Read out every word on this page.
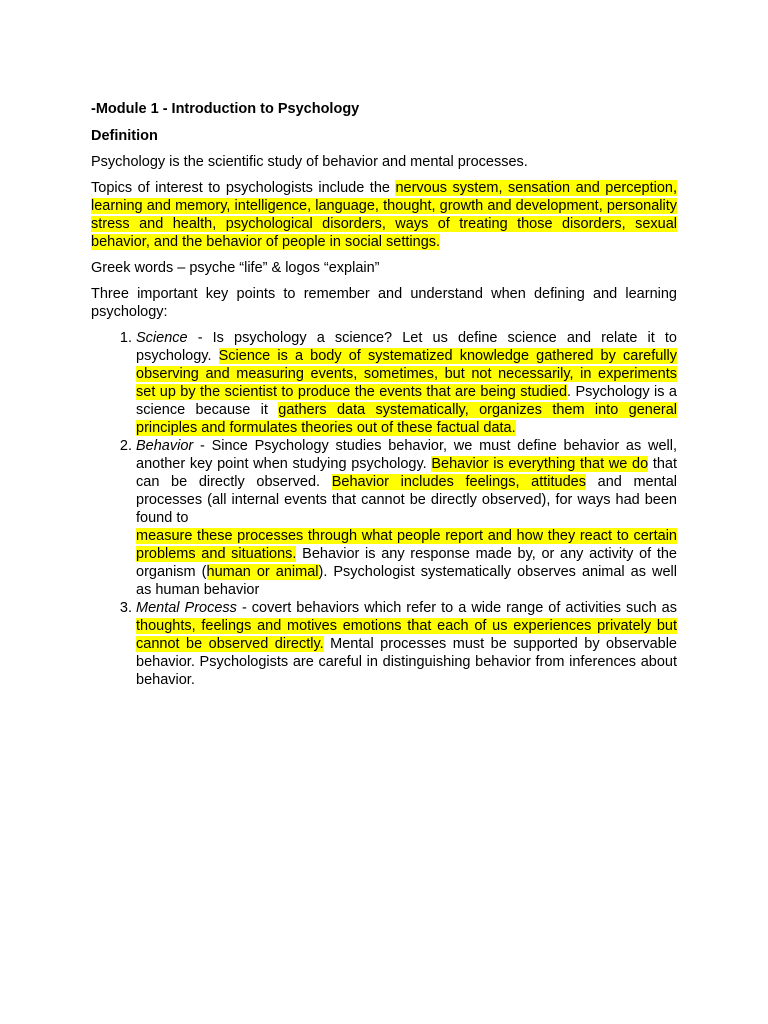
-Module 1 - Introduction to Psychology
Definition

Psychology is the scientific study of behavior and mental processes.

Topics of interest to psychologists include the nervous system, sensation and perception, learning and memory, intelligence, language, thought, growth and development, personality stress and health, psychological disorders, ways of treating those disorders, sexual behavior, and the behavior of people in social settings.

Greek words – psyche “life” & logos “explain”

Three important key points to remember and understand when defining and learning psychology:

1. Science - Is psychology a science? Let us define science and relate it to psychology. Science is a body of systematized knowledge gathered by carefully observing and measuring events, sometimes, but not necessarily, in experiments set up by the scientist to produce the events that are being studied. Psychology is a science because it gathers data systematically, organizes them into general principles and formulates theories out of these factual data.
2. Behavior - Since Psychology studies behavior, we must define behavior as well, another key point when studying psychology. Behavior is everything that we do that can be directly observed. Behavior includes feelings, attitudes and mental processes (all internal events that cannot be directly observed), for ways had been found to
measure these processes through what people report and how they react to certain problems and situations. Behavior is any response made by, or any activity of the organism (human or animal). Psychologist systematically observes animal as well as human behavior
3. Mental Process - covert behaviors which refer to a wide range of activities such as thoughts, feelings and motives emotions that each of us experiences privately but cannot be observed directly. Mental processes must be supported by observable behavior. Psychologists are careful in distinguishing behavior from inferences about behavior.
